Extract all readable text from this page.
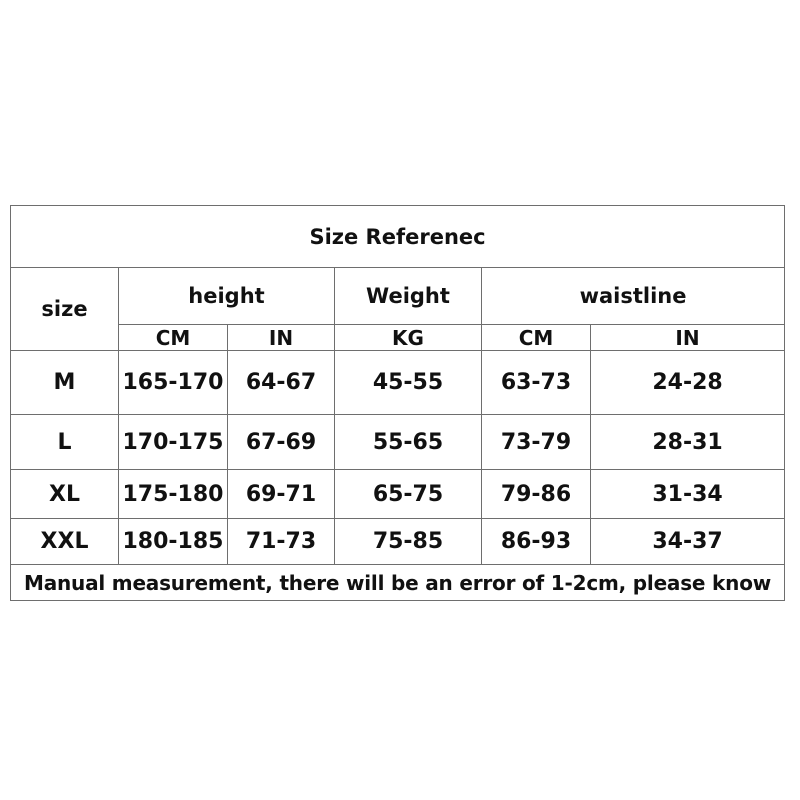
Size Referenec					
size	height		Weight	waistline	
	CM	IN	KG	CM	IN
M	165-170	64-67	45-55	63-73	24-28
L	170-175	67-69	55-65	73-79	28-31
XL	175-180	69-71	65-75	79-86	31-34
XXL	180-185	71-73	75-85	86-93	34-37
Manual measurement, there will be an error of 1-2cm, please know					
